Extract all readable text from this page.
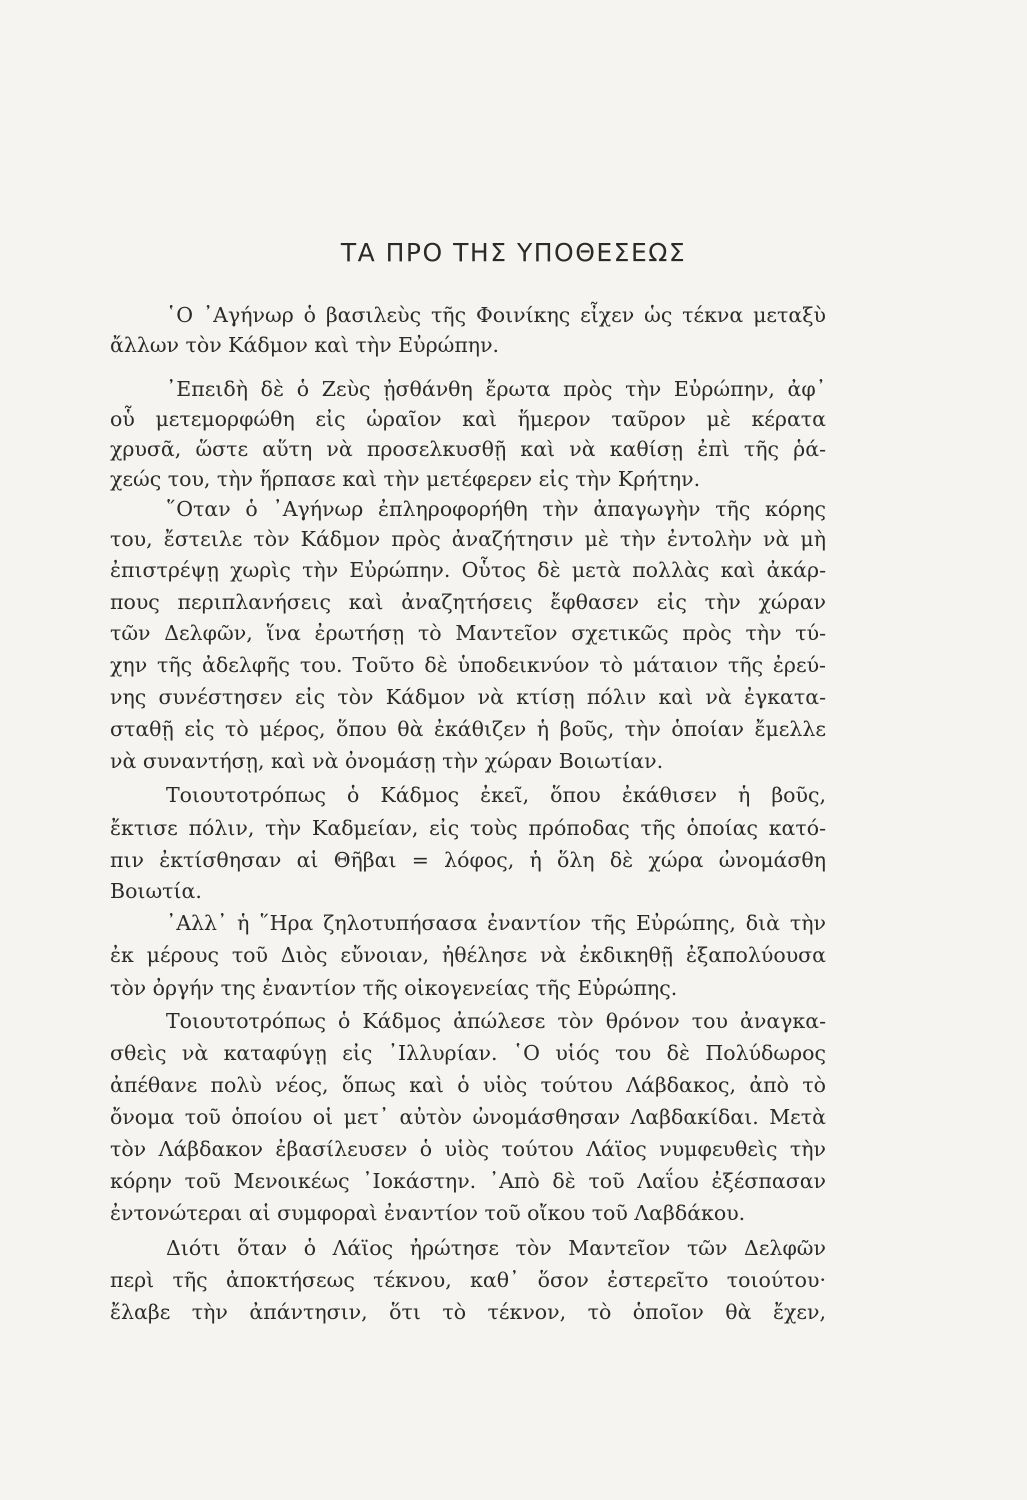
ΤΑ ΠΡΟ ΤΗΣ ΥΠΟΘΕΣΕΩΣ
῾Ο ᾿Αγήνωρ ὁ βασιλεὺς τῆς Φοινίκης εἶχεν ὡς τέκνα μεταξὺ
ἄλλων τὸν Κάδμον καὶ τὴν Εὐρώπην.
᾿Επειδὴ δὲ ὁ Ζεὺς ᾐσθάνθη ἔρωτα πρὸς τὴν Εὐρώπην, ἀφ᾿
οὗ μετεμορφώθη εἰς ὡραῖον καὶ ἥμερον ταῦρον μὲ κέρατα
χρυσᾶ, ὥστε αὕτη νὰ προσελκυσθῇ καὶ νὰ καθίσῃ ἐπὶ τῆς ῥά-
χεώς του, τὴν ἥρπασε καὶ τὴν μετέφερεν εἰς τὴν Κρήτην.
῞Οταν ὁ ᾿Αγήνωρ ἐπληροφορήθη τὴν ἀπαγωγὴν τῆς κόρης
του, ἔστειλε τὸν Κάδμον πρὸς ἀναζήτησιν μὲ τὴν ἐντολὴν νὰ μὴ
ἐπιστρέψῃ χωρὶς τὴν Εὐρώπην. Οὗτος δὲ μετὰ πολλὰς καὶ ἀκάρ-
πους περιπλανήσεις καὶ ἀναζητήσεις ἔφθασεν εἰς τὴν χώραν
τῶν Δελφῶν, ἵνα ἐρωτήσῃ τὸ Μαντεῖον σχετικῶς πρὸς τὴν τύ-
χην τῆς ἀδελφῆς του. Τοῦτο δὲ ὑποδεικνύον τὸ μάταιον τῆς ἐρεύ-
νης συνέστησεν εἰς τὸν Κάδμον νὰ κτίσῃ πόλιν καὶ νὰ ἐγκατα-
σταθῇ εἰς τὸ μέρος, ὅπου θὰ ἐκάθιζεν ἡ βοῦς, τὴν ὁποίαν ἔμελλε
νὰ συναντήσῃ, καὶ νὰ ὀνομάσῃ τὴν χώραν Βοιωτίαν.
Τοιουτοτρόπως ὁ Κάδμος ἐκεῖ, ὅπου ἐκάθισεν ἡ βοῦς,
ἔκτισε πόλιν, τὴν Καδμείαν, εἰς τοὺς πρόποδας τῆς ὁποίας κατό-
πιν ἐκτίσθησαν αἱ Θῆβαι = λόφος, ἡ ὅλη δὲ χώρα ὠνομάσθη
Βοιωτία.
᾿Αλλ᾿ ἡ ῞Ηρα ζηλοτυπήσασα ἐναντίον τῆς Εὐρώπης, διὰ τὴν
ἐκ μέρους τοῦ Διὸς εὔνοιαν, ἠθέλησε νὰ ἐκδικηθῇ ἐξαπολύουσα
τὸν ὀργήν της ἐναντίον τῆς οἰκογενείας τῆς Εὐρώπης.
Τοιουτοτρόπως ὁ Κάδμος ἀπώλεσε τὸν θρόνον του ἀναγκα-
σθεὶς νὰ καταφύγῃ εἰς ᾿Ιλλυρίαν. ῾Ο υἱός του δὲ Πολύδωρος
ἀπέθανε πολὺ νέος, ὅπως καὶ ὁ υἱὸς τούτου Λάβδακος, ἀπὸ τὸ
ὄνομα τοῦ ὁποίου οἱ μετ᾿ αὐτὸν ὠνομάσθησαν Λαβδακίδαι. Μετὰ
τὸν Λάβδακον ἐβασίλευσεν ὁ υἱὸς τούτου Λάϊος νυμφευθεὶς τὴν
κόρην τοῦ Μενοικέως ᾿Ιοκάστην. ᾿Απὸ δὲ τοῦ Λαΐου ἐξέσπασαν
ἐντονώτεραι αἱ συμφοραὶ ἐναντίον τοῦ οἴκου τοῦ Λαβδάκου.
Διότι ὅταν ὁ Λάϊος ἠρώτησε τὸν Μαντεῖον τῶν Δελφῶν
περὶ τῆς ἀποκτήσεως τέκνου, καθ᾿ ὅσον ἐστερεῖτο τοιούτου·
ἔλαβε τὴν ἀπάντησιν, ὅτι τὸ τέκνον, τὸ ὁποῖον θὰ ἔχεν,
